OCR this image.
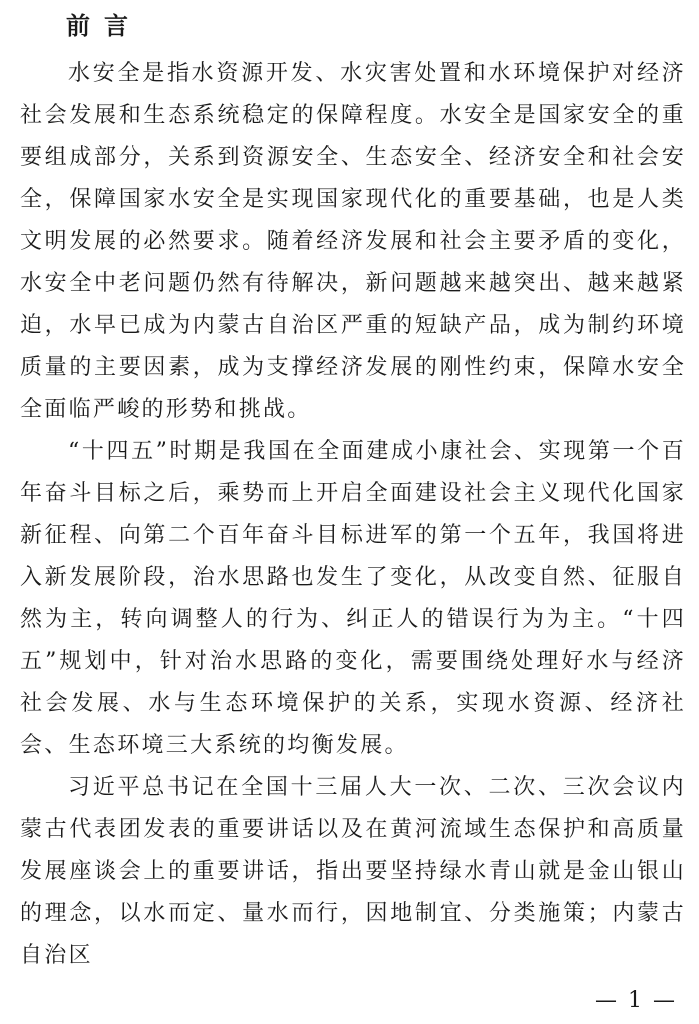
前言

水安全是指水资源开发、水灾害处置和水环境保护对经济社会发展和生态系统稳定的保障程度。水安全是国家安全的重要组成部分，关系到资源安全、生态安全、经济安全和社会安全，保障国家水安全是实现国家现代化的重要基础，也是人类文明发展的必然要求。随着经济发展和社会主要矛盾的变化，水安全中老问题仍然有待解决，新问题越来越突出、越来越紧迫，水早已成为内蒙古自治区严重的短缺产品，成为制约环境质量的主要因素，成为支撑经济发展的刚性约束，保障水安全全面临严峻的形势和挑战。

“十四五”时期是我国在全面建成小康社会、实现第一个百年奋斗目标之后，乘势而上开启全面建设社会主义现代化国家新征程、向第二个百年奋斗目标进军的第一个五年，我国将进入新发展阶段，治水思路也发生了变化，从改变自然、征服自然为主，转向调整人的行为、纠正人的错误行为为主。“十四五”规划中，针对治水思路的变化，需要围绕处理好水与经济社会发展、水与生态环境保护的关系，实现水资源、经济社会、生态环境三大系统的均衡发展。

习近平总书记在全国十三届人大一次、二次、三次会议内蒙古代表团发表的重要讲话以及在黄河流域生态保护和高质量发展座谈会上的重要讲话，指出要坚持绿水青山就是金山银山的理念，以水而定、量水而行，因地制宜、分类施策；内蒙古自治区

— 1 —
